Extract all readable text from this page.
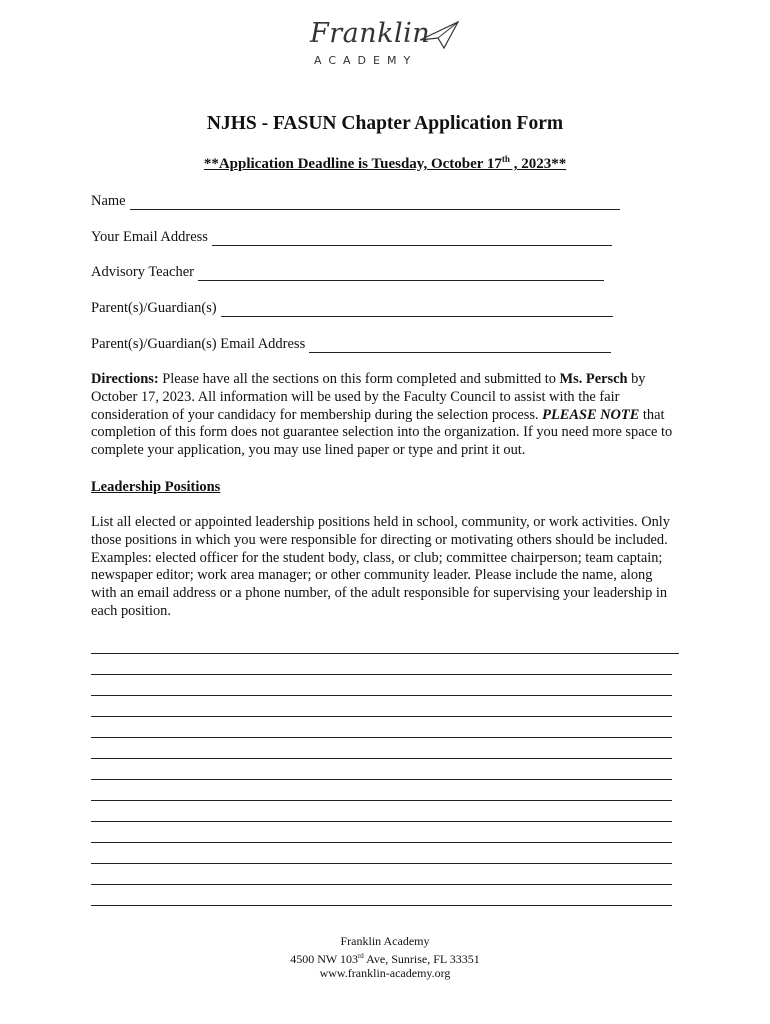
Franklin
ACADEMY
NJHS - FASUN Chapter Application Form
**Application Deadline is Tuesday, October 17th , 2023**
Name
Your Email Address
Advisory Teacher
Parent(s)/Guardian(s)
Parent(s)/Guardian(s) Email Address
Directions: Please have all the sections on this form completed and submitted to Ms. Persch by October 17, 2023. All information will be used by the Faculty Council to assist with the fair consideration of your candidacy for membership during the selection process. PLEASE NOTE that completion of this form does not guarantee selection into the organization. If you need more space to complete your application, you may use lined paper or type and print it out.
Leadership Positions
List all elected or appointed leadership positions held in school, community, or work activities. Only those positions in which you were responsible for directing or motivating others should be included. Examples: elected officer for the student body, class, or club; committee chairperson; team captain; newspaper editor; work area manager; or other community leader. Please include the name, along with an email address or a phone number, of the adult responsible for supervising your leadership in each position.
Franklin Academy
4500 NW 103rd Ave, Sunrise, FL 33351
www.franklin-academy.org
